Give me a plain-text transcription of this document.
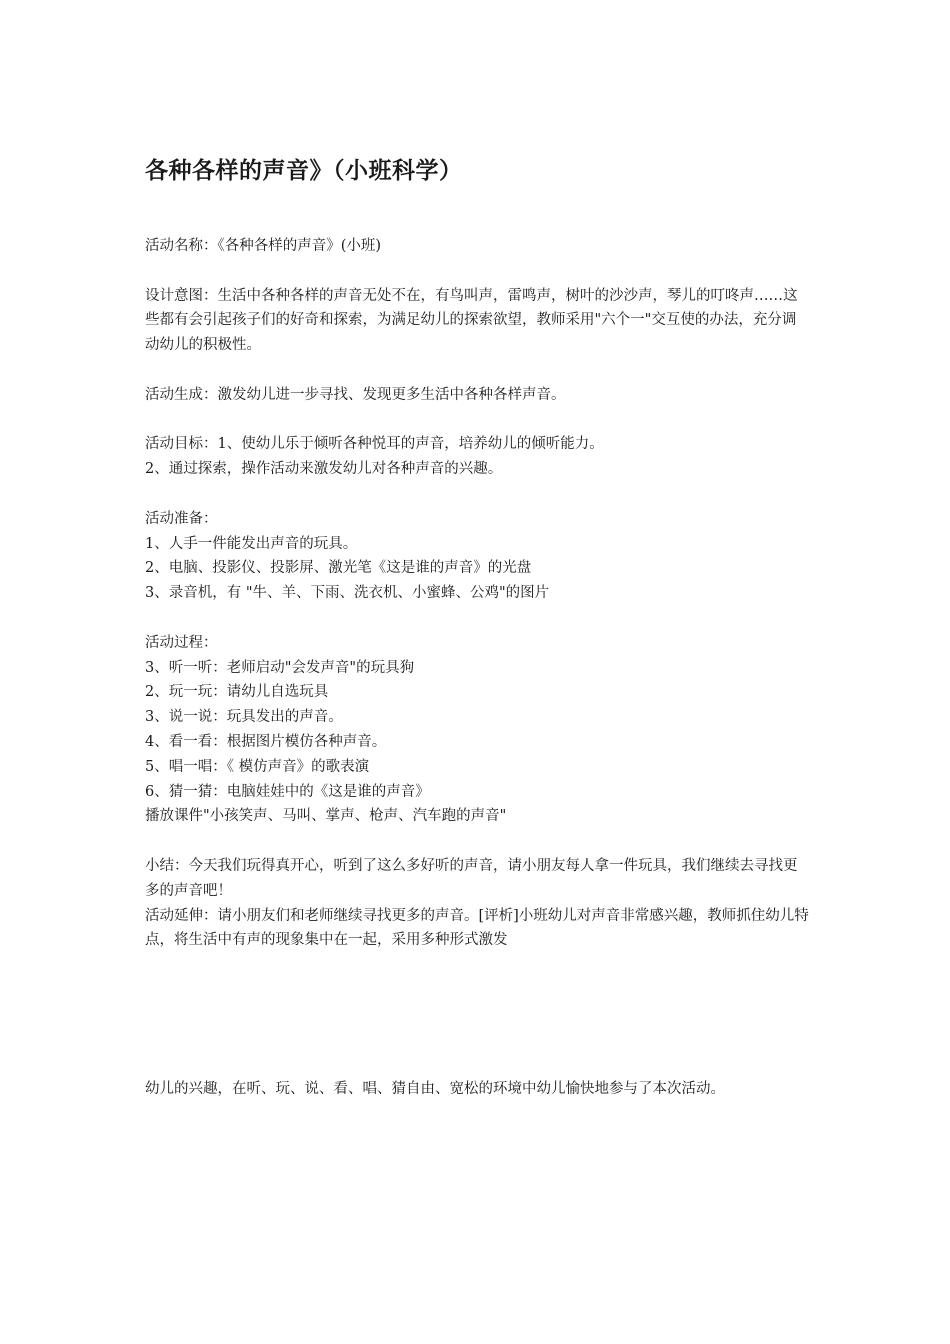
各种各样的声音》（小班科学）

活动名称：《各种各样的声音》(小班)

设计意图：生活中各种各样的声音无处不在，有鸟叫声，雷鸣声，树叶的沙沙声，琴儿的叮咚声……这些都有会引起孩子们的好奇和探索，为满足幼儿的探索欲望，教师采用"六个一"交互使的办法，充分调动幼儿的积极性。

活动生成：激发幼儿进一步寻找、发现更多生活中各种各样声音。

活动目标：1、使幼儿乐于倾听各种悦耳的声音，培养幼儿的倾听能力。

2、通过探索，操作活动来激发幼儿对各种声音的兴趣。

活动准备：

1、人手一件能发出声音的玩具。

2、电脑、投影仪、投影屏、激光笔《这是谁的声音》的光盘

3、录音机，有 "牛、羊、下雨、洗衣机、小蜜蜂、公鸡"的图片

活动过程：

3、听一听：老师启动"会发声音"的玩具狗

2、玩一玩：请幼儿自选玩具

3、说一说：玩具发出的声音。

4、看一看：根据图片模仿各种声音。

5、唱一唱：《 模仿声音》的歌表演

6、猜一猜：电脑娃娃中的《这是谁的声音》

播放课件"小孩笑声、马叫、掌声、枪声、汽车跑的声音"

小结：今天我们玩得真开心，听到了这么多好听的声音，请小朋友每人拿一件玩具，我们继续去寻找更多的声音吧！

活动延伸：请小朋友们和老师继续寻找更多的声音。[评析]小班幼儿对声音非常感兴趣，教师抓住幼儿特点，将生活中有声的现象集中在一起，采用多种形式激发

幼儿的兴趣，在听、玩、说、看、唱、猜自由、宽松的环境中幼儿愉快地参与了本次活动。
